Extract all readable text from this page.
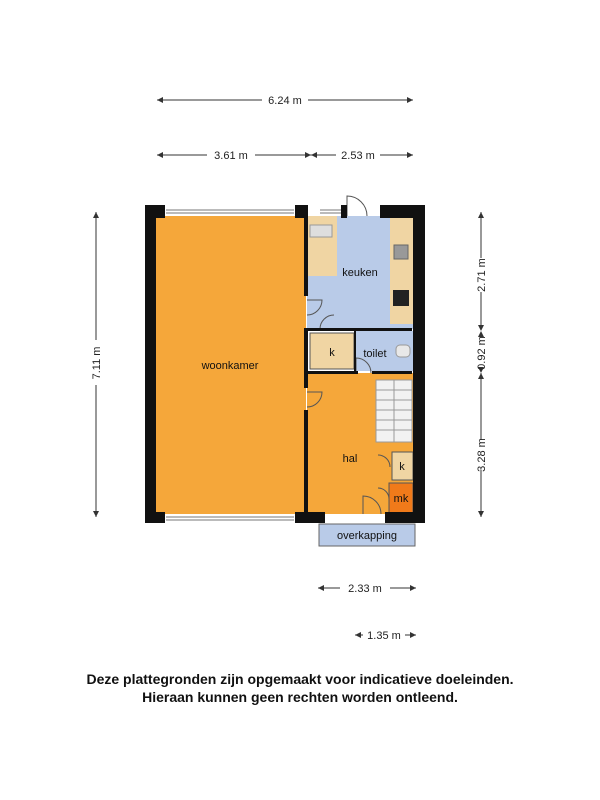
6.24 m
3.61 m	2.53 m
7.11 m
2.71 m
0.92 m
3.28 m
2.33 m
1.35 m
woonkamer
keuken
toilet
k
hal
k
mk
overkapping
Deze plattegronden zijn opgemaakt voor indicatieve doeleinden.
Hieraan kunnen geen rechten worden ontleend.
